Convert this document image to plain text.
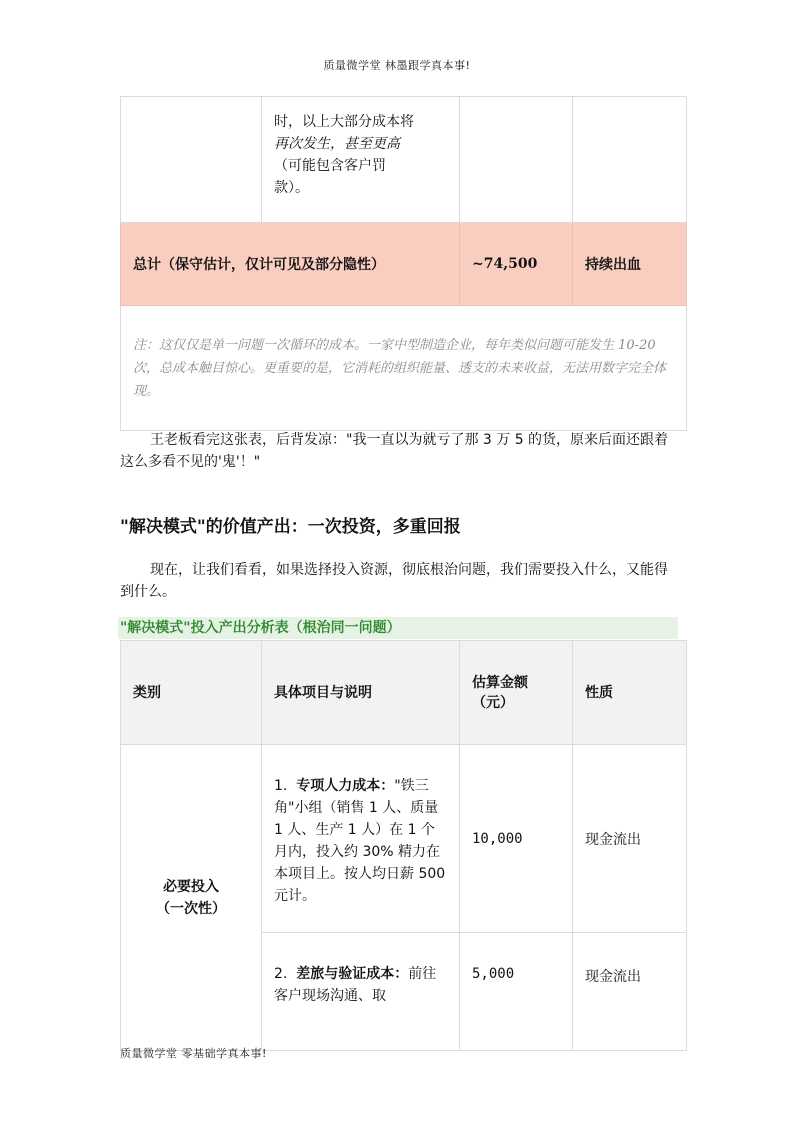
质量微学堂 林墨跟学真本事!

	时，以上大部分成本将
再次发生，甚至更高
（可能包含客户罚
款）。		

总计（保守估计，仅计可见及部分隐性）		~74,500	持续出血

注：这仅仅是单一问题一次循环的成本。一家中型制造企业，每年类似问题可能发生 10-20 次，总成本触目惊心。更重要的是，它消耗的组织能量、透支的未来收益，无法用数字完全体现。			
王老板看完这张表，后背发凉："我一直以为就亏了那 3 万 5 的货，原来后面还跟着这么多看不见的'鬼'！"
"解决模式"的价值产出：一次投资，多重回报
现在，让我们看看，如果选择投入资源，彻底根治问题，我们需要投入什么，又能得到什么。
"解决模式"投入产出分析表（根治同一问题）
类别	具体项目与说明	估算金额（元）	性质

必要投入
（一次性）	1. 专项人力成本："铁三角"小组（销售 1 人、质量 1 人、生产 1 人）在 1 个月内，投入约 30% 精力在本项目上。按人均日薪 500 元计。	10,000	现金流出

	2. 差旅与验证成本：前往客户现场沟通、取	5,000	现金流出
质量微学堂 零基础学真本事!
